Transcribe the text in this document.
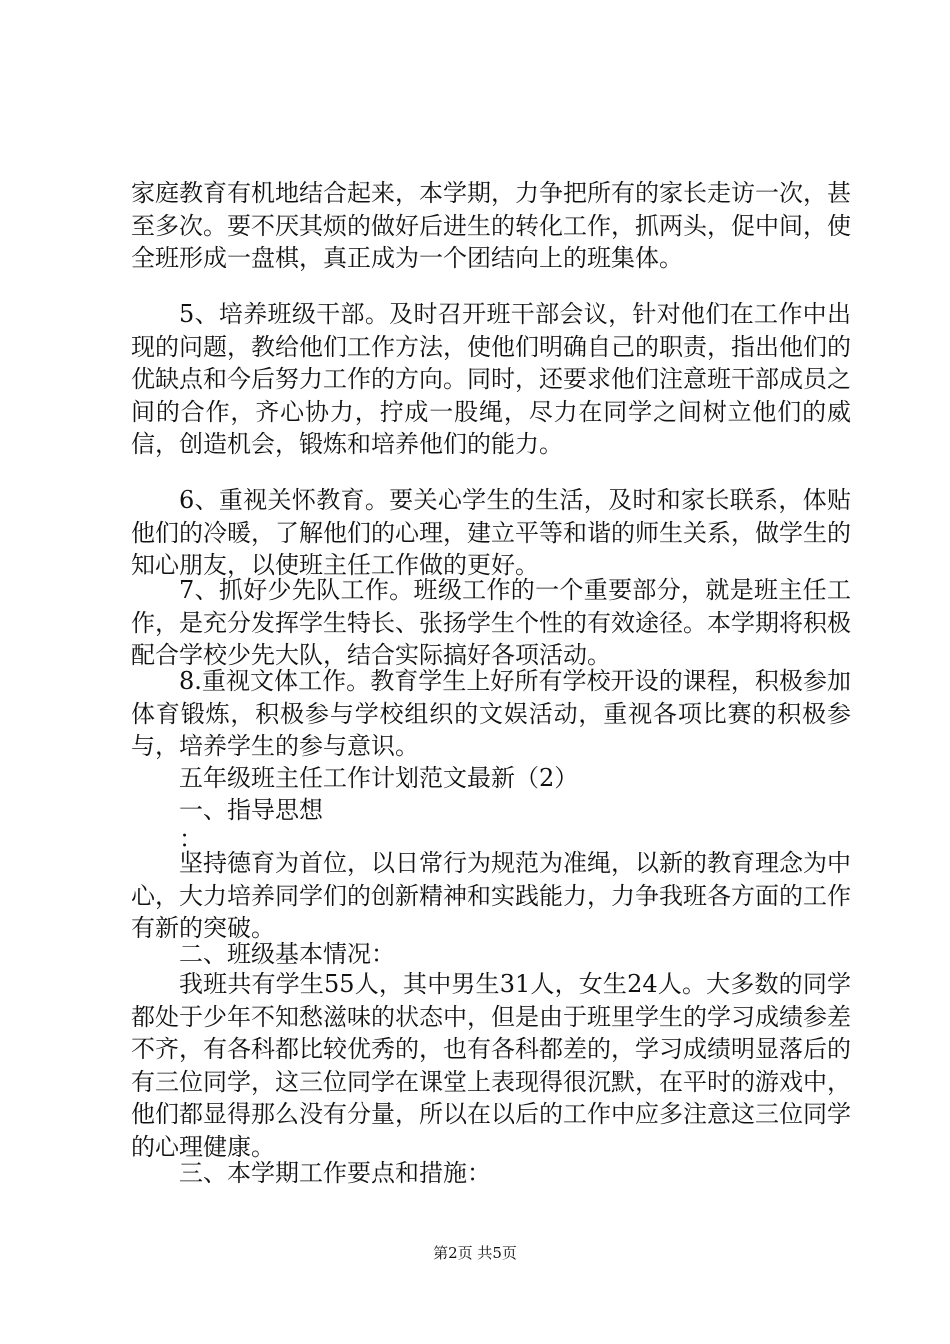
家庭教育有机地结合起来，本学期，力争把所有的家长走访一次，甚至多次。要不厌其烦的做好后进生的转化工作，抓两头，促中间，使全班形成一盘棋，真正成为一个团结向上的班集体。

5、培养班级干部。及时召开班干部会议，针对他们在工作中出现的问题，教给他们工作方法，使他们明确自己的职责，指出他们的优缺点和今后努力工作的方向。同时，还要求他们注意班干部成员之间的合作，齐心协力，拧成一股绳，尽力在同学之间树立他们的威信，创造机会，锻炼和培养他们的能力。

6、重视关怀教育。要关心学生的生活，及时和家长联系，体贴他们的冷暖，了解他们的心理，建立平等和谐的师生关系，做学生的知心朋友，以使班主任工作做的更好。

7、抓好少先队工作。班级工作的一个重要部分，就是班主任工作，是充分发挥学生特长、张扬学生个性的有效途径。本学期将积极配合学校少先大队，结合实际搞好各项活动。

8.重视文体工作。教育学生上好所有学校开设的课程，积极参加体育锻炼，积极参与学校组织的文娱活动，重视各项比赛的积极参与，培养学生的参与意识。

五年级班主任工作计划范文最新（2）

一、指导思想

：

坚持德育为首位，以日常行为规范为准绳，以新的教育理念为中心，大力培养同学们的创新精神和实践能力，力争我班各方面的工作有新的突破。

二、班级基本情况：

我班共有学生55人，其中男生31人，女生24人。大多数的同学都处于少年不知愁滋味的状态中，但是由于班里学生的学习成绩参差不齐，有各科都比较优秀的，也有各科都差的，学习成绩明显落后的有三位同学，这三位同学在课堂上表现得很沉默，在平时的游戏中，他们都显得那么没有分量，所以在以后的工作中应多注意这三位同学的心理健康。

三、本学期工作要点和措施：

第2页 共5页
